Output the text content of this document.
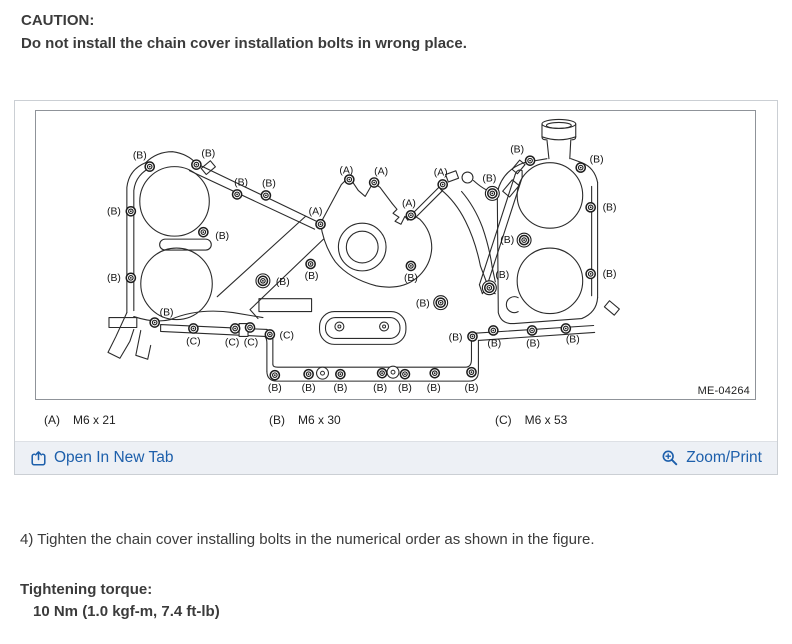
CAUTION:

Do not install the chain cover installation bolts in wrong place.

(A) (A)	(A)
(A)
(A)
(B)	(B)
(B) (B)
(B)
(B)
(B)
(B)
(B)
(B)	(B)
(B)
(B)
(B)
(B)
(B)
(B)
(B)
(B)
(B)
(B) (B) (B)
(B) (B) (B) (B) (B) (B) (B)
(C) (C) (C)
(C)
ME-04264
(A) M6 x 21	(B) M6 x 30	(C) M6 x 53
Open In New Tab	Zoom/Print

4) Tighten the chain cover installing bolts in the numerical order as shown in the figure.

Tightening torque:

10 Nm (1.0 kgf-m, 7.4 ft-lb)
